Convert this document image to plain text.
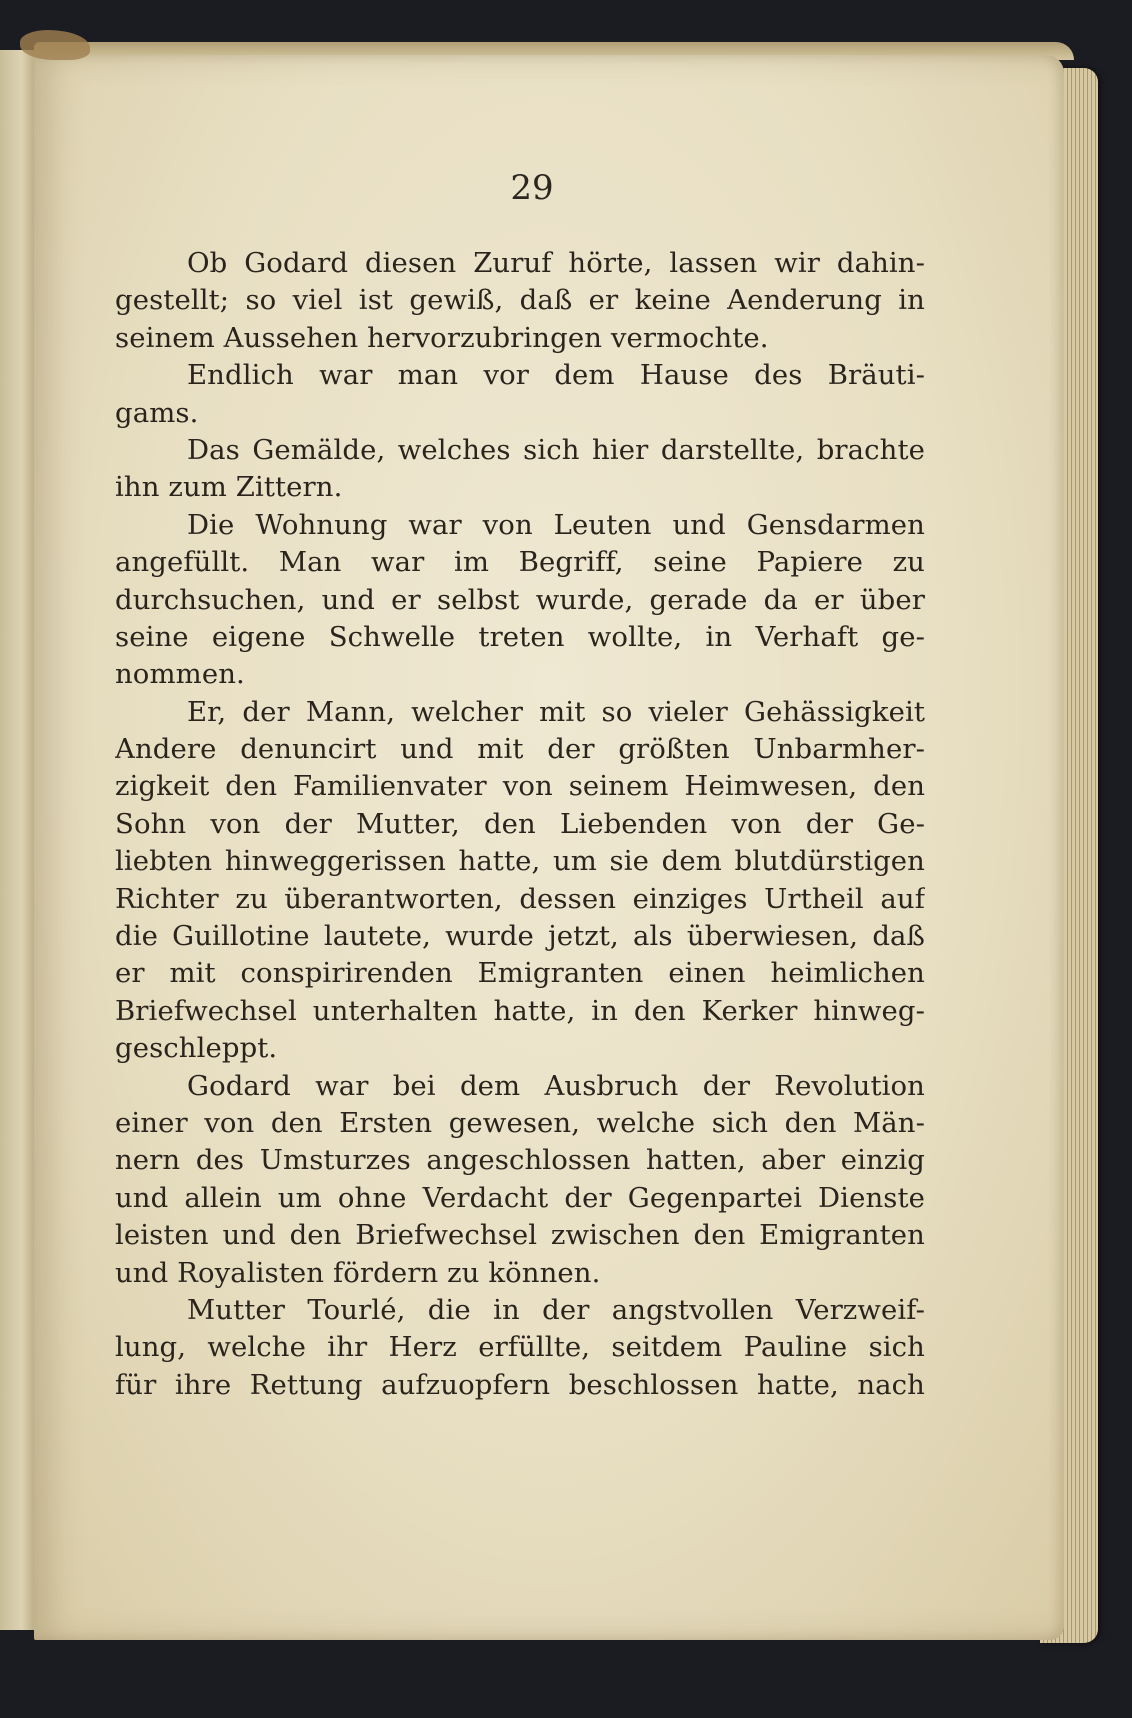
29

Ob Godard diesen Zuruf hörte, lassen wir dahin-
gestellt; so viel ist gewiß, daß er keine Aenderung in
seinem Aussehen hervorzubringen vermochte.
Endlich war man vor dem Hause des Bräuti-
gams.
Das Gemälde, welches sich hier darstellte, brachte
ihn zum Zittern.
Die Wohnung war von Leuten und Gensdarmen
angefüllt. Man war im Begriff, seine Papiere zu
durchsuchen, und er selbst wurde, gerade da er über
seine eigene Schwelle treten wollte, in Verhaft ge-
nommen.
Er, der Mann, welcher mit so vieler Gehässigkeit
Andere denuncirt und mit der größten Unbarmher-
zigkeit den Familienvater von seinem Heimwesen, den
Sohn von der Mutter, den Liebenden von der Ge-
liebten hinweggerissen hatte, um sie dem blutdürstigen
Richter zu überantworten, dessen einziges Urtheil auf
die Guillotine lautete, wurde jetzt, als überwiesen, daß
er mit conspirirenden Emigranten einen heimlichen
Briefwechsel unterhalten hatte, in den Kerker hinweg-
geschleppt.
Godard war bei dem Ausbruch der Revolution
einer von den Ersten gewesen, welche sich den Män-
nern des Umsturzes angeschlossen hatten, aber einzig
und allein um ohne Verdacht der Gegenpartei Dienste
leisten und den Briefwechsel zwischen den Emigranten
und Royalisten fördern zu können.
Mutter Tourlé, die in der angstvollen Verzweif-
lung, welche ihr Herz erfüllte, seitdem Pauline sich
für ihre Rettung aufzuopfern beschlossen hatte, nach
